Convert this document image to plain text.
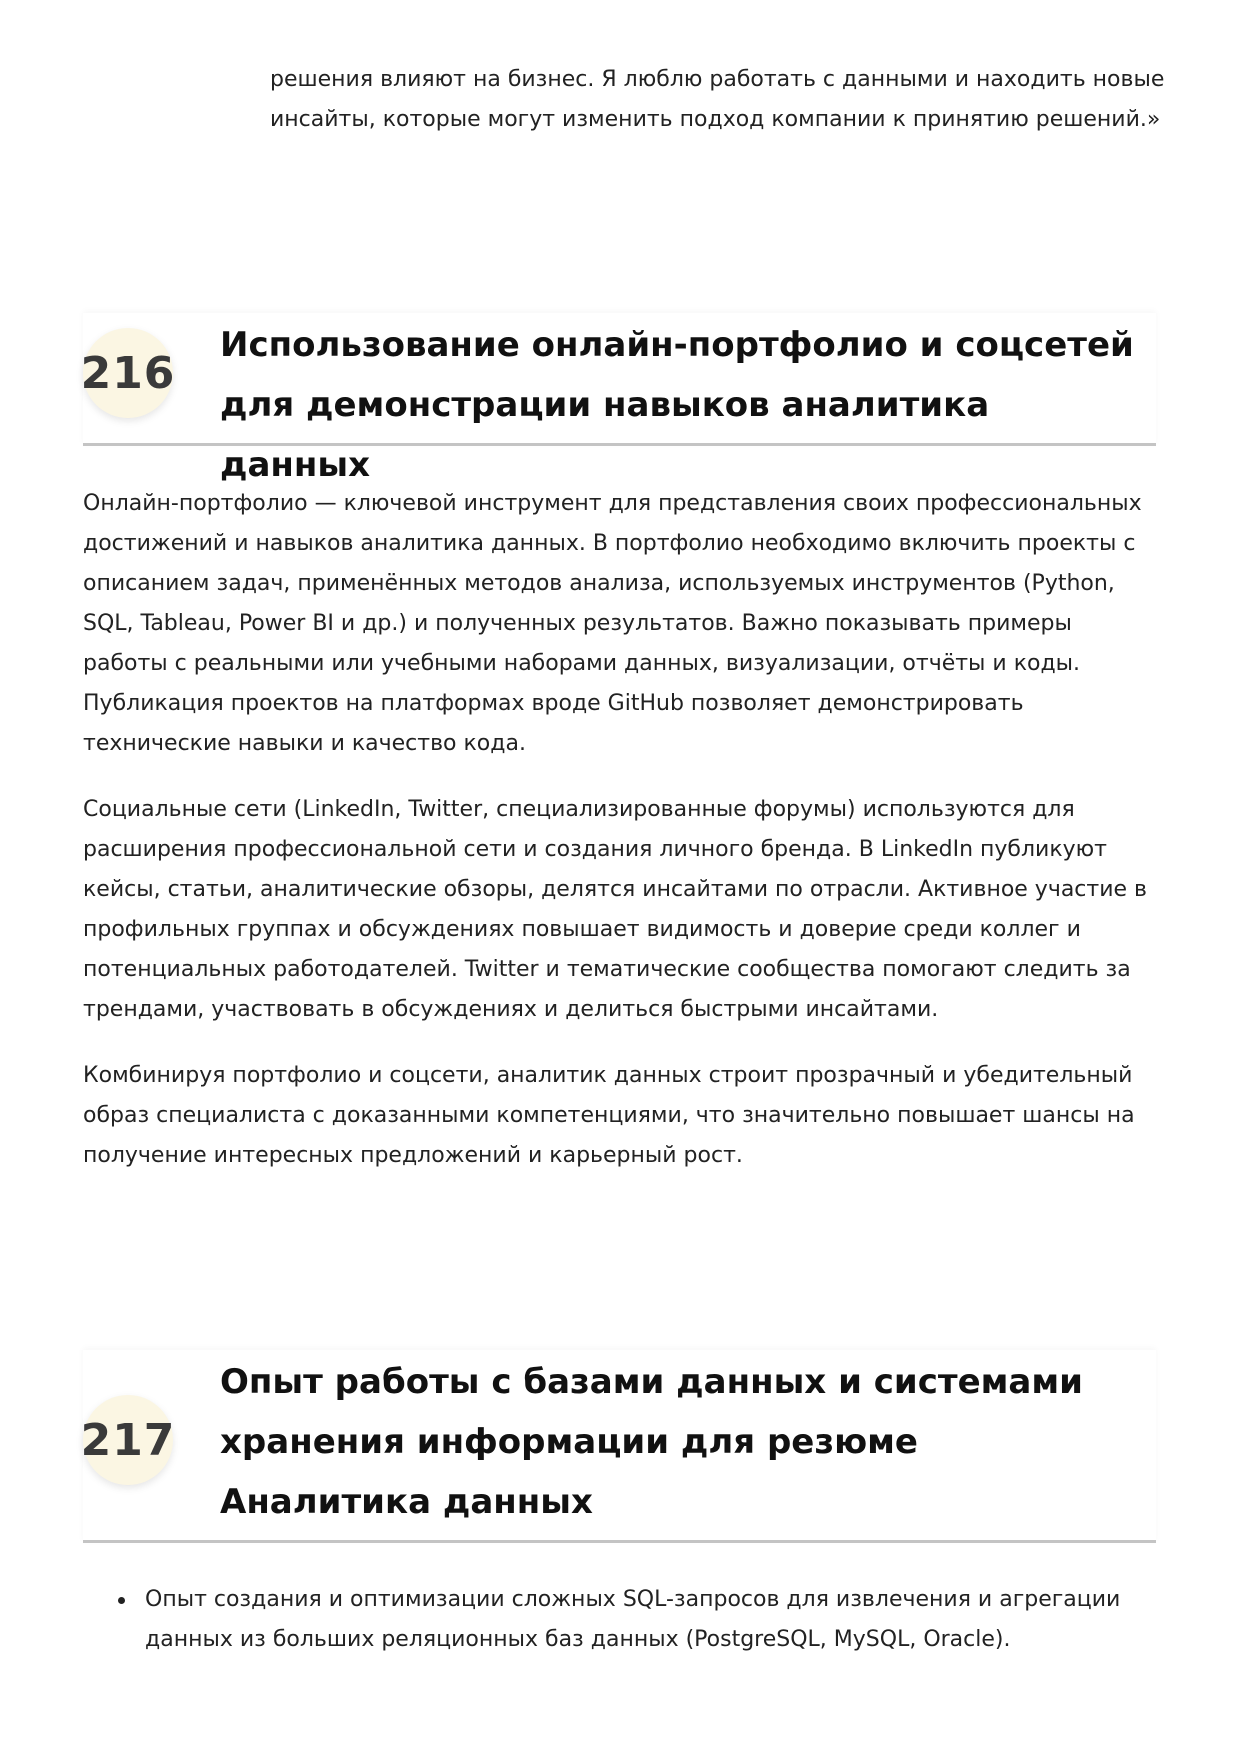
решения влияют на бизнес. Я люблю работать с данными и находить новые инсайты, которые могут изменить подход компании к принятию решений.»

216
Использование онлайн-портфолио и соцсетей для демонстрации навыков аналитика данных

Онлайн-портфолио — ключевой инструмент для представления своих профессиональных достижений и навыков аналитика данных. В портфолио необходимо включить проекты с описанием задач, применённых методов анализа, используемых инструментов (Python, SQL, Tableau, Power BI и др.) и полученных результатов. Важно показывать примеры работы с реальными или учебными наборами данных, визуализации, отчёты и коды. Публикация проектов на платформах вроде GitHub позволяет демонстрировать технические навыки и качество кода.

Социальные сети (LinkedIn, Twitter, специализированные форумы) используются для расширения профессиональной сети и создания личного бренда. В LinkedIn публикуют кейсы, статьи, аналитические обзоры, делятся инсайтами по отрасли. Активное участие в профильных группах и обсуждениях повышает видимость и доверие среди коллег и потенциальных работодателей. Twitter и тематические сообщества помогают следить за трендами, участвовать в обсуждениях и делиться быстрыми инсайтами.

Комбинируя портфолио и соцсети, аналитик данных строит прозрачный и убедительный образ специалиста с доказанными компетенциями, что значительно повышает шансы на получение интересных предложений и карьерный рост.

217
Опыт работы с базами данных и системами хранения информации для резюме Аналитика данных
Опыт создания и оптимизации сложных SQL-запросов для извлечения и агрегации данных из больших реляционных баз данных (PostgreSQL, MySQL, Oracle).
